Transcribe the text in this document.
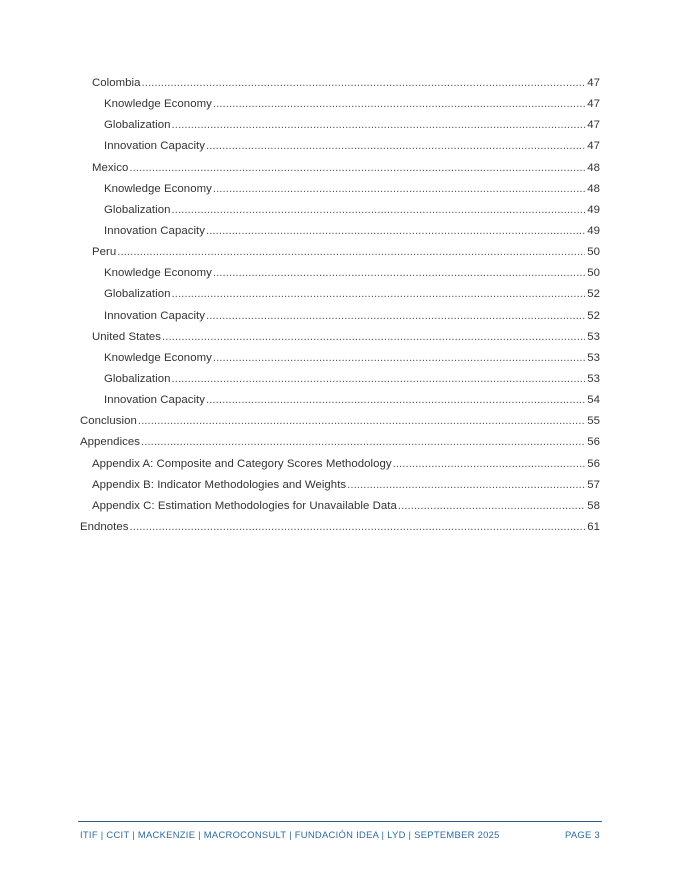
Colombia .....	47
Knowledge Economy .....	47
Globalization .....	47
Innovation Capacity .....	47
Mexico .....	48
Knowledge Economy .....	48
Globalization .....	49
Innovation Capacity .....	49
Peru .....	50
Knowledge Economy .....	50
Globalization .....	52
Innovation Capacity .....	52
United States .....	53
Knowledge Economy .....	53
Globalization .....	53
Innovation Capacity .....	54
Conclusion .....	55
Appendices .....	56
Appendix A: Composite and Category Scores Methodology .....	56
Appendix B: Indicator Methodologies and Weights .....	57
Appendix C: Estimation Methodologies for Unavailable Data .....	58
Endnotes .....	61
ITIF | CCIT | MACKENZIE | MACROCONSULT | FUNDACIÓN IDEA | LYD | SEPTEMBER 2025	PAGE 3
